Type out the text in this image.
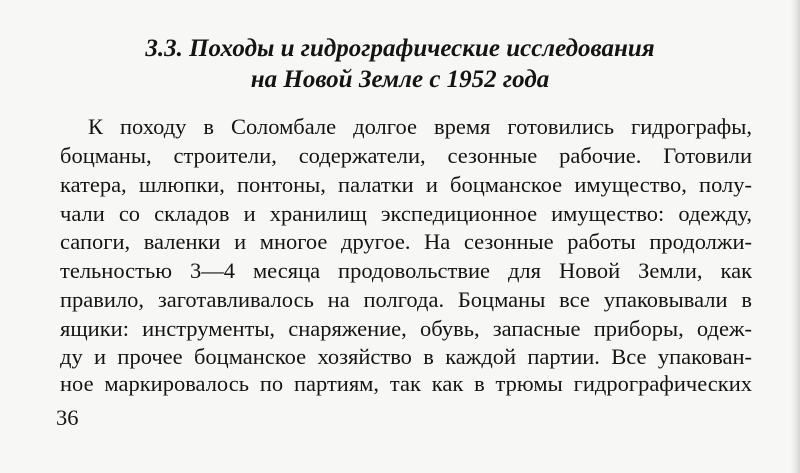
3.3. Походы и гидрографические исследования
на Новой Земле с 1952 года
К походу в Соломбале долгое время готовились гидрографы,
боцманы, строители, содержатели, сезонные рабочие. Готовили
катера, шлюпки, понтоны, палатки и боцманское имущество, полу-
чали со складов и хранилищ экспедиционное имущество: одежду,
сапоги, валенки и многое другое. На сезонные работы продолжи-
тельностью 3—4 месяца продовольствие для Новой Земли, как
правило, заготавливалось на полгода. Боцманы все упаковывали в
ящики: инструменты, снаряжение, обувь, запасные приборы, одеж-
ду и прочее боцманское хозяйство в каждой партии. Все упакован-
ное маркировалось по партиям, так как в трюмы гидрографических
36
